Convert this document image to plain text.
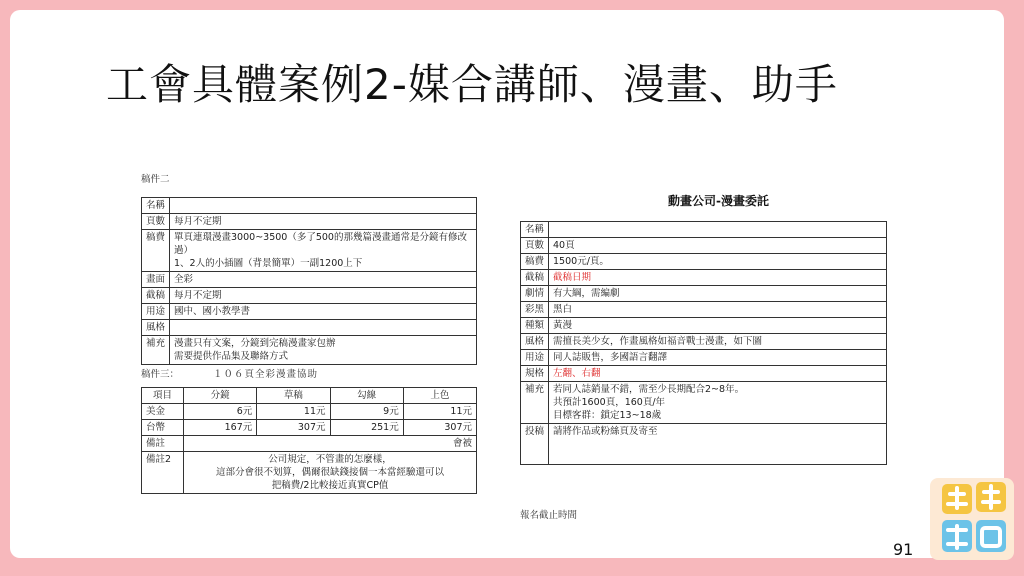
工會具體案例2-媒合講師、漫畫、助手
稿件二
名稱	

頁數	每月不定期

稿費	單頁連環漫畫3000~3500（多了500的那幾篇漫畫通常是分鏡有修改過）
1、2人的小插圖（背景簡單）一副1200上下

畫面	全彩

截稿	每月不定期

用途	國中、國小教學書

風格	

補充	漫畫只有文案，分鏡到完稿漫畫家包辦
需要提供作品集及聯絡方式
稿件三：	１０６頁全彩漫畫協助
項目	分鏡	草稿	勾線	上色
美金	6元	11元	9元	11元
台幣	167元	307元	251元	307元
備註	會被			
備註2	公司規定，不管畫的怎麼樣，
這部分會很不划算，偶爾很缺錢接個一本當經驗還可以
把稿費/2比較接近真實CP值			
動畫公司-漫畫委託
名稱	
頁數	40頁
稿費	1500元/頁。
截稿	截稿日期
劇情	有大綱，需編劇
彩黑	黑白
種類	黃漫
風格	需擅長美少女，作畫風格如福音戰士漫畫，如下圖
用途	同人誌販售，多國語言翻譯
規格	左翻、右翻
補充	若同人誌銷量不錯，需至少長期配合2~8年。
共預計1600頁，160頁/年
目標客群：鎖定13~18歲

投稿	請將作品或粉絲頁及寄至
報名截止時間
91
